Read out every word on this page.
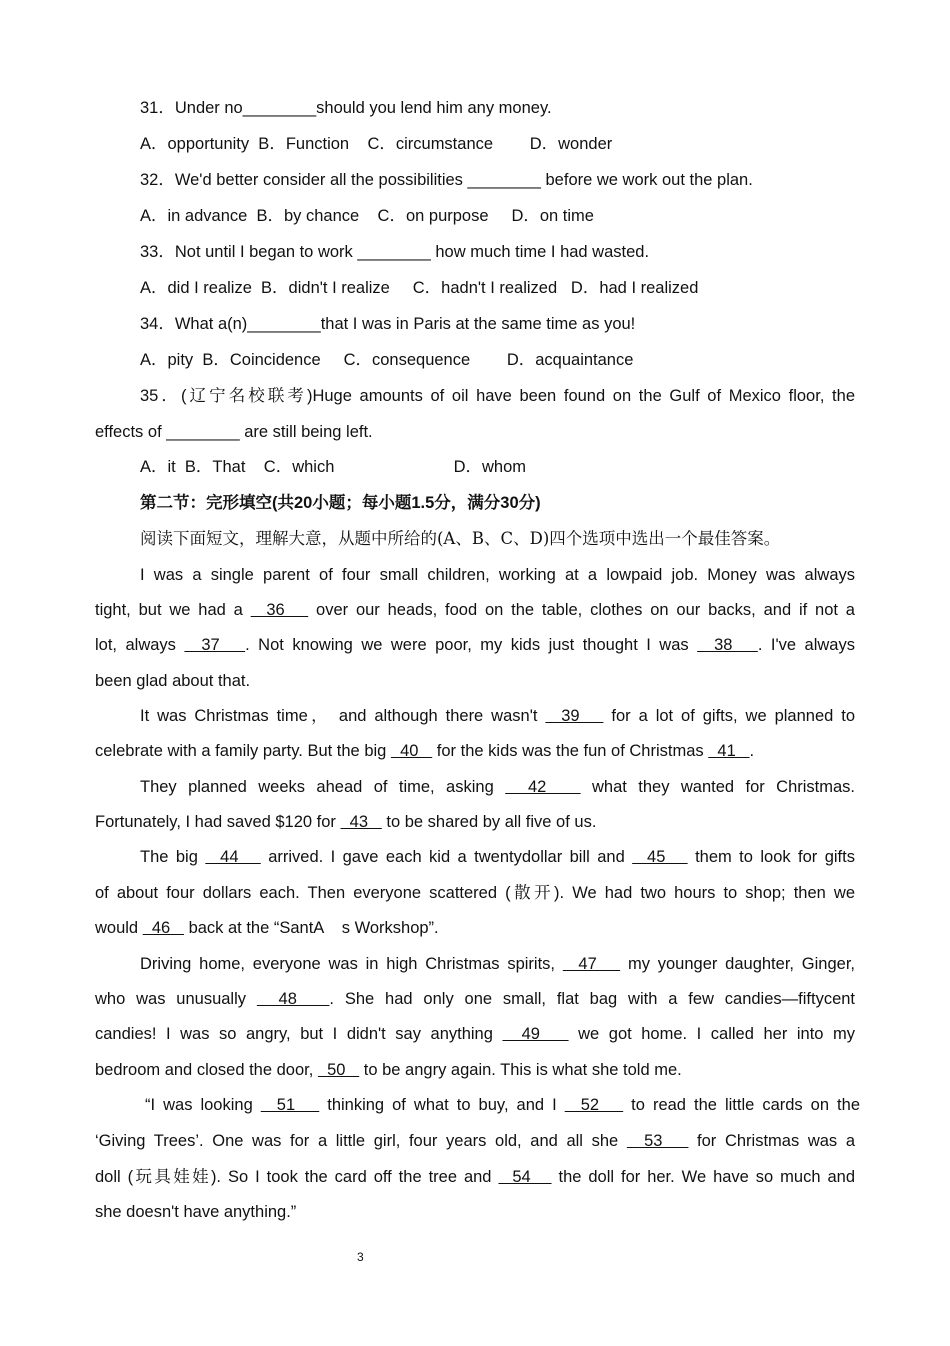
31．Under no________should you lend him any money.
A．opportunity  B．Function    C．circumstance        D．wonder
32．We'd better consider all the possibilities ________ before we work out the plan.
A．in advance  B．by chance    C．on purpose     D．on time
33．Not until I began to work ________ how much time I had wasted.
A．did I realize  B．didn't I realize     C．hadn't I realized   D．had I realized
34．What a(n)________that I was in Paris at the same time as you!
A．pity  B．Coincidence     C．consequence        D．acquaintance
35．(辽宁名校联考)Huge amounts of oil have been found on the Gulf of Mexico floor, the
effects of ________ are still being left.
A．it  B．That    C．which                          D．whom
第二节：完形填空(共20小题；每小题1.5分，满分30分)
阅读下面短文，理解大意，从题中所给的(A、B、C、D)四个选项中选出一个最佳答案。
I was a single parent of four small children, working at a lowpaid job. Money was always
tight, but we had a   36    over our heads, food on the table, clothes on our backs, and if not a
lot, always   37   . Not knowing we were poor, my kids just thought I was   38   . I've always
been glad about that.
It was Christmas time， and although there wasn't   39    for a lot of gifts, we planned to
celebrate with a family party. But the big   40    for the kids was the fun of Christmas   41   .
They planned weeks ahead of time, asking   42    what they wanted for Christmas.
Fortunately, I had saved $120 for   43    to be shared by all five of us.
The big   44    arrived. I gave each kid a twentydollar bill and   45    them to look for gifts
of about four dollars each. Then everyone scattered (散开). We had two hours to shop; then we
would   46    back at the “SantA    s Workshop”.
Driving home, everyone was in high Christmas spirits,   47    my younger daughter, Ginger,
who was unusually   48   . She had only one small, flat bag with a few candies—fiftycent
candies! I was so angry, but I didn't say anything   49    we got home. I called her into my
bedroom and closed the door,   50    to be angry again. This is what she told me.
“I was looking   51    thinking of what to buy, and I   52    to read the little cards on the
‘Giving Trees’. One was for a little girl, four years old, and all she   53    for Christmas was a
doll (玩具娃娃). So I took the card off the tree and   54    the doll for her. We have so much and
she doesn't have anything.”
3
